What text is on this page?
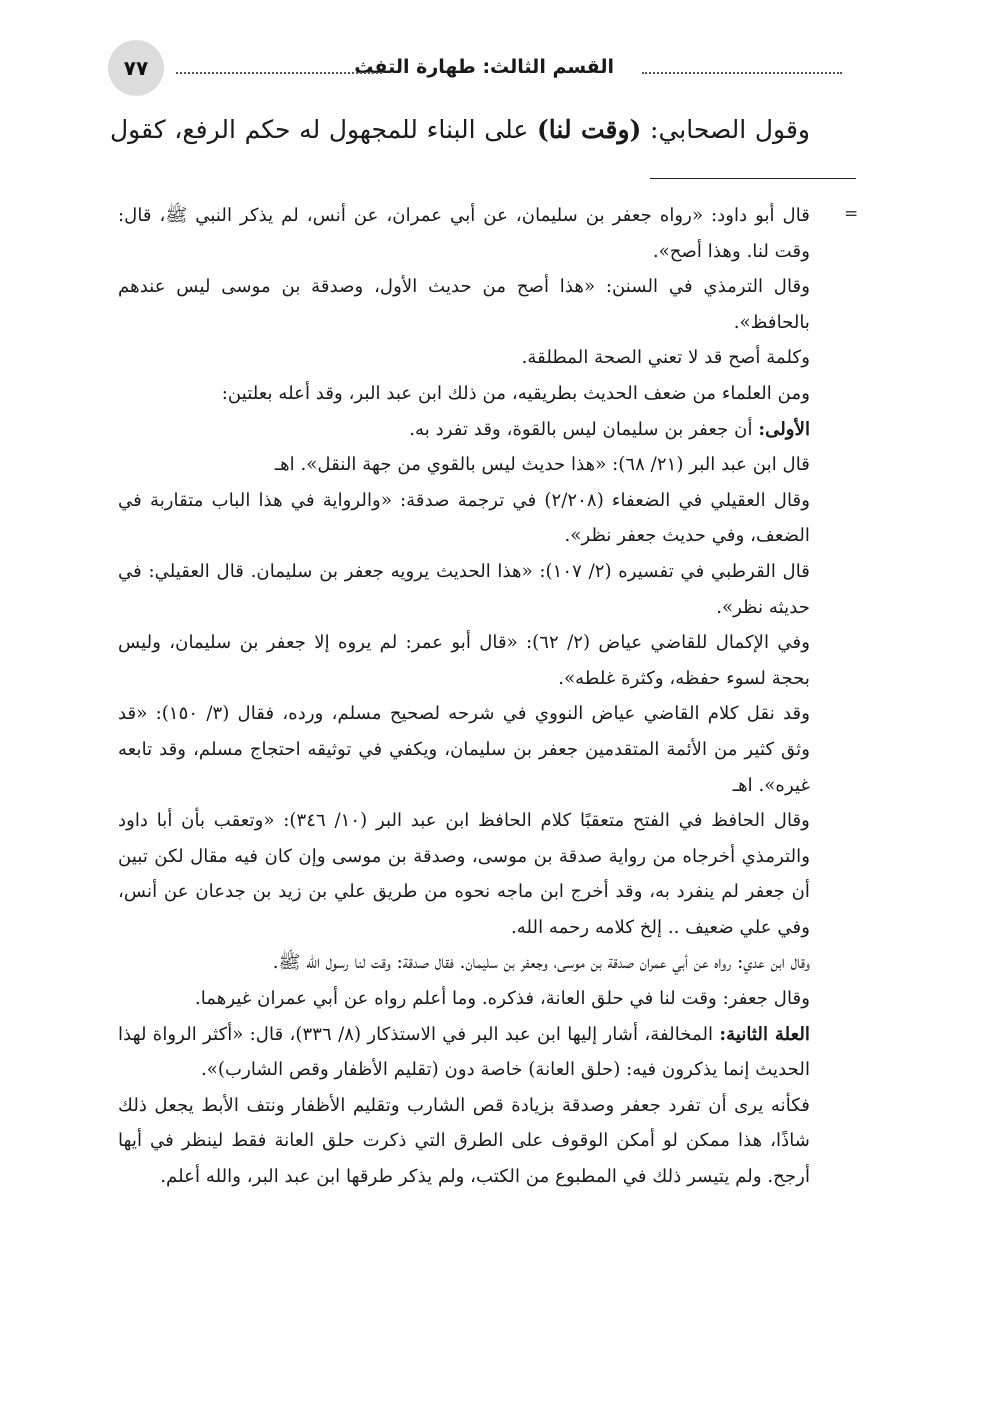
القسم الثالث: طهارة التفث
٧٧
وقول الصحابي: (وقت لنا) على البناء للمجهول له حكم الرفع، كقول
=

قال أبو داود: «رواه جعفر بن سليمان، عن أبي عمران، عن أنس، لم يذكر النبي ﷺ، قال: وقت لنا. وهذا أصح».

وقال الترمذي في السنن: «هذا أصح من حديث الأول، وصدقة بن موسى ليس عندهم بالحافظ».

وكلمة أصح قد لا تعني الصحة المطلقة.

ومن العلماء من ضعف الحديث بطريقيه، من ذلك ابن عبد البر، وقد أعله بعلتين:

الأولى: أن جعفر بن سليمان ليس بالقوة، وقد تفرد به.

قال ابن عبد البر (٢١/ ٦٨): «هذا حديث ليس بالقوي من جهة النقل». اهـ

وقال العقيلي في الضعفاء (٢/٢٠٨) في ترجمة صدقة: «والرواية في هذا الباب متقاربة في الضعف، وفي حديث جعفر نظر».

قال القرطبي في تفسيره (٢/ ١٠٧): «هذا الحديث يرويه جعفر بن سليمان. قال العقيلي: في حديثه نظر».

وفي الإكمال للقاضي عياض (٢/ ٦٢): «قال أبو عمر: لم يروه إلا جعفر بن سليمان، وليس بحجة لسوء حفظه، وكثرة غلطه».

وقد نقل كلام القاضي عياض النووي في شرحه لصحيح مسلم، ورده، فقال (٣/ ١٥٠): «قد وثق كثير من الأئمة المتقدمين جعفر بن سليمان، ويكفي في توثيقه احتجاج مسلم، وقد تابعه غيره». اهـ

وقال الحافظ في الفتح متعقبًا كلام الحافظ ابن عبد البر (١٠/ ٣٤٦): «وتعقب بأن أبا داود والترمذي أخرجاه من رواية صدقة بن موسى، وصدقة بن موسى وإن كان فيه مقال لكن تبين أن جعفر لم ينفرد به، وقد أخرج ابن ماجه نحوه من طريق علي بن زيد بن جدعان عن أنس، وفي علي ضعيف .. إلخ كلامه رحمه الله.

وقال ابن عدي: رواه عن أبي عمران صدقة بن موسى، وجعفر بن سليمان. فقال صدقة: وقت لنا رسول الله ﷺ.

وقال جعفر: وقت لنا في حلق العانة، فذكره. وما أعلم رواه عن أبي عمران غيرهما.

العلة الثانية: المخالفة، أشار إليها ابن عبد البر في الاستذكار (٨/ ٣٣٦)، قال: «أكثر الرواة لهذا الحديث إنما يذكرون فيه: (حلق العانة) خاصة دون (تقليم الأظفار وقص الشارب)».

فكأنه يرى أن تفرد جعفر وصدقة بزيادة قص الشارب وتقليم الأظفار ونتف الأبط يجعل ذلك شاذًا، هذا ممكن لو أمكن الوقوف على الطرق التي ذكرت حلق العانة فقط لينظر في أيها أرجح. ولم يتيسر ذلك في المطبوع من الكتب، ولم يذكر طرقها ابن عبد البر، والله أعلم.
